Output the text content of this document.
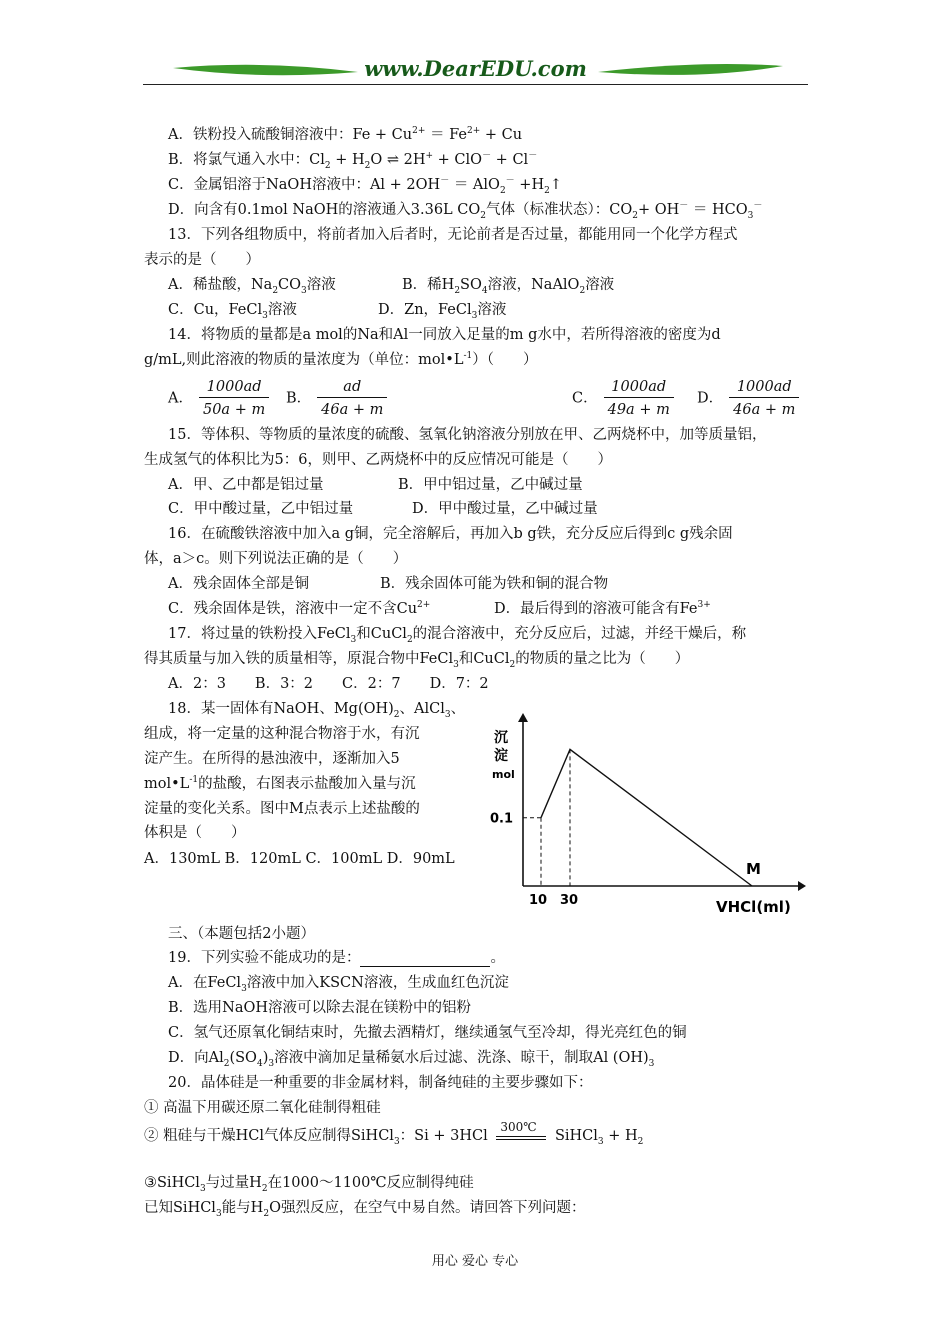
www.DearEDU.com
A．铁粉投入硫酸铜溶液中：$Fe + Cu^{2+} = Fe^{2+} + Cu$
B．将氯气通入水中：$Cl_2 + H_2O$ ⇌ 2H+ + ClO－ + Cl－
C．金属铝溶于NaOH溶液中：$Al + 2OH^- = AlO_2^- +H_2↑$
D．向含有0.1mol NaOH的溶液通入3.36L $CO_2$气体（标准状态）：$CO_2+ OH^- = HCO_3^-$
13．下列各组物质中，将前者加入后者时，无论前者是否过量，都能用同一个化学方程式
表示的是（　　）
A．稀盐酸，$Na_2CO_3$溶液	B．稀$H_2SO_4$溶液，NaAlO$_2$溶液
C．Cu，FeCl$_3$溶液	D．Zn，FeCl$_3$溶液
14．将物质的量都是a mol的Na和Al一同放入足量的m g水中，若所得溶液的密度为d
g/mL,则此溶液的物质的量浓度为（单位：$mol•L^{-1}$）（　　）
A． $\frac{1000ad}{50a + m}$ B． $\frac{ad}{46a + m}$	C． $\frac{1000ad}{49a + m}$ D． $\frac{1000ad}{46a + m}$
15．等体积、等物质的量浓度的硫酸、氢氧化钠溶液分别放在甲、乙两烧杯中，加等质量铝，
生成氢气的体积比为5：6，则甲、乙两烧杯中的反应情况可能是（　　）
A．甲、乙中都是铝过量	B．甲中铝过量，乙中碱过量
C．甲中酸过量，乙中铝过量	D．甲中酸过量，乙中碱过量
16．在硫酸铁溶液中加入a g铜，完全溶解后，再加入b g铁，充分反应后得到c g残余固
体，a＞c。则下列说法正确的是（　　）
A．残余固体全部是铜	B．残余固体可能为铁和铜的混合物
C．残余固体是铁，溶液中一定不含$Cu^{2+}$	D．最后得到的溶液可能含有$Fe^{3+}$
17．将过量的铁粉投入FeCl$_3$和CuCl$_2$的混合溶液中，充分反应后，过滤，并经干燥后，称
得其质量与加入铁的质量相等，原混合物中FeCl$_3$和CuCl$_2$的物质的量之比为（　　）
A．2：3　　B．3：2　　C．2：7　　D．7：2
18．某一固体有NaOH、$Mg(OH)_2$、AlCl$_3$、
组成，将一定量的这种混合物溶于水，有沉
淀产生。在所得的悬浊液中，逐渐加入5
$mol•L^{-1}$的盐酸，右图表示盐酸加入量与沉
淀量的变化关系。图中M点表示上述盐酸的
体积是（　　）
A．130mL B．120mL C．100mL D．90mL
0.1
10 30
M
沉淀 mol
VHCl(ml)
三、（本题包括2小题）
19．下列实验不能成功的是：	。
A．在FeCl$_3$溶液中加入KSCN溶液，生成血红色沉淀
B．选用NaOH溶液可以除去混在镁粉中的铝粉
C．氢气还原氧化铜结束时，先撤去酒精灯，继续通氢气至冷却，得光亮红色的铜
D．向$Al_2(SO_4)_3$溶液中滴加足量稀氨水后过滤、洗涤、晾干，制取Al $(OH)_3$
20．晶体硅是一种重要的非金属材料，制备纯硅的主要步骤如下：
① 高温下用碳还原二氧化硅制得粗硅
② 粗硅与干燥HCl气体反应制得SiHCl$_3$：Si + 3HCl
300℃
SiHCl$_3$ + $H_2$
③SiHCl$_3$与过量$H_2$在1000～1100℃反应制得纯硅
已知SiHCl$_3$能与$H_2O$强烈反应，在空气中易自然。请回答下列问题：
用心 爱心 专心
